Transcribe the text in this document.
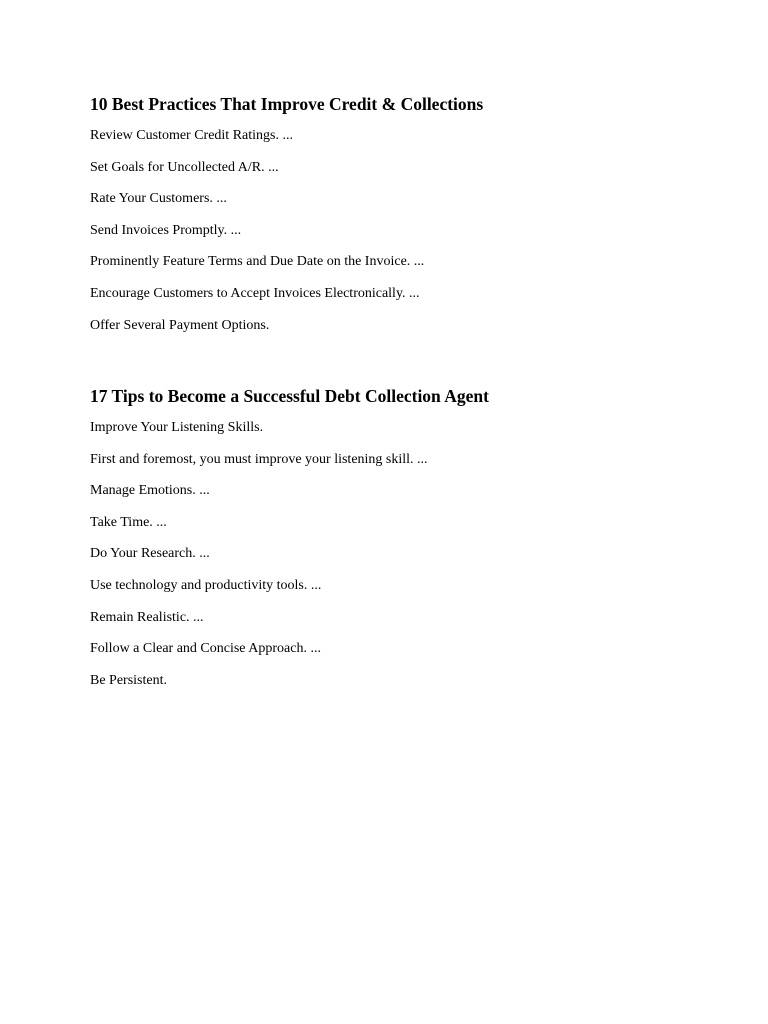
10 Best Practices That Improve Credit & Collections
Review Customer Credit Ratings. ...
Set Goals for Uncollected A/R. ...
Rate Your Customers. ...
Send Invoices Promptly. ...
Prominently Feature Terms and Due Date on the Invoice. ...
Encourage Customers to Accept Invoices Electronically. ...
Offer Several Payment Options.
17 Tips to Become a Successful Debt Collection Agent
Improve Your Listening Skills.
First and foremost, you must improve your listening skill. ...
Manage Emotions. ...
Take Time. ...
Do Your Research. ...
Use technology and productivity tools. ...
Remain Realistic. ...
Follow a Clear and Concise Approach. ...
Be Persistent.
